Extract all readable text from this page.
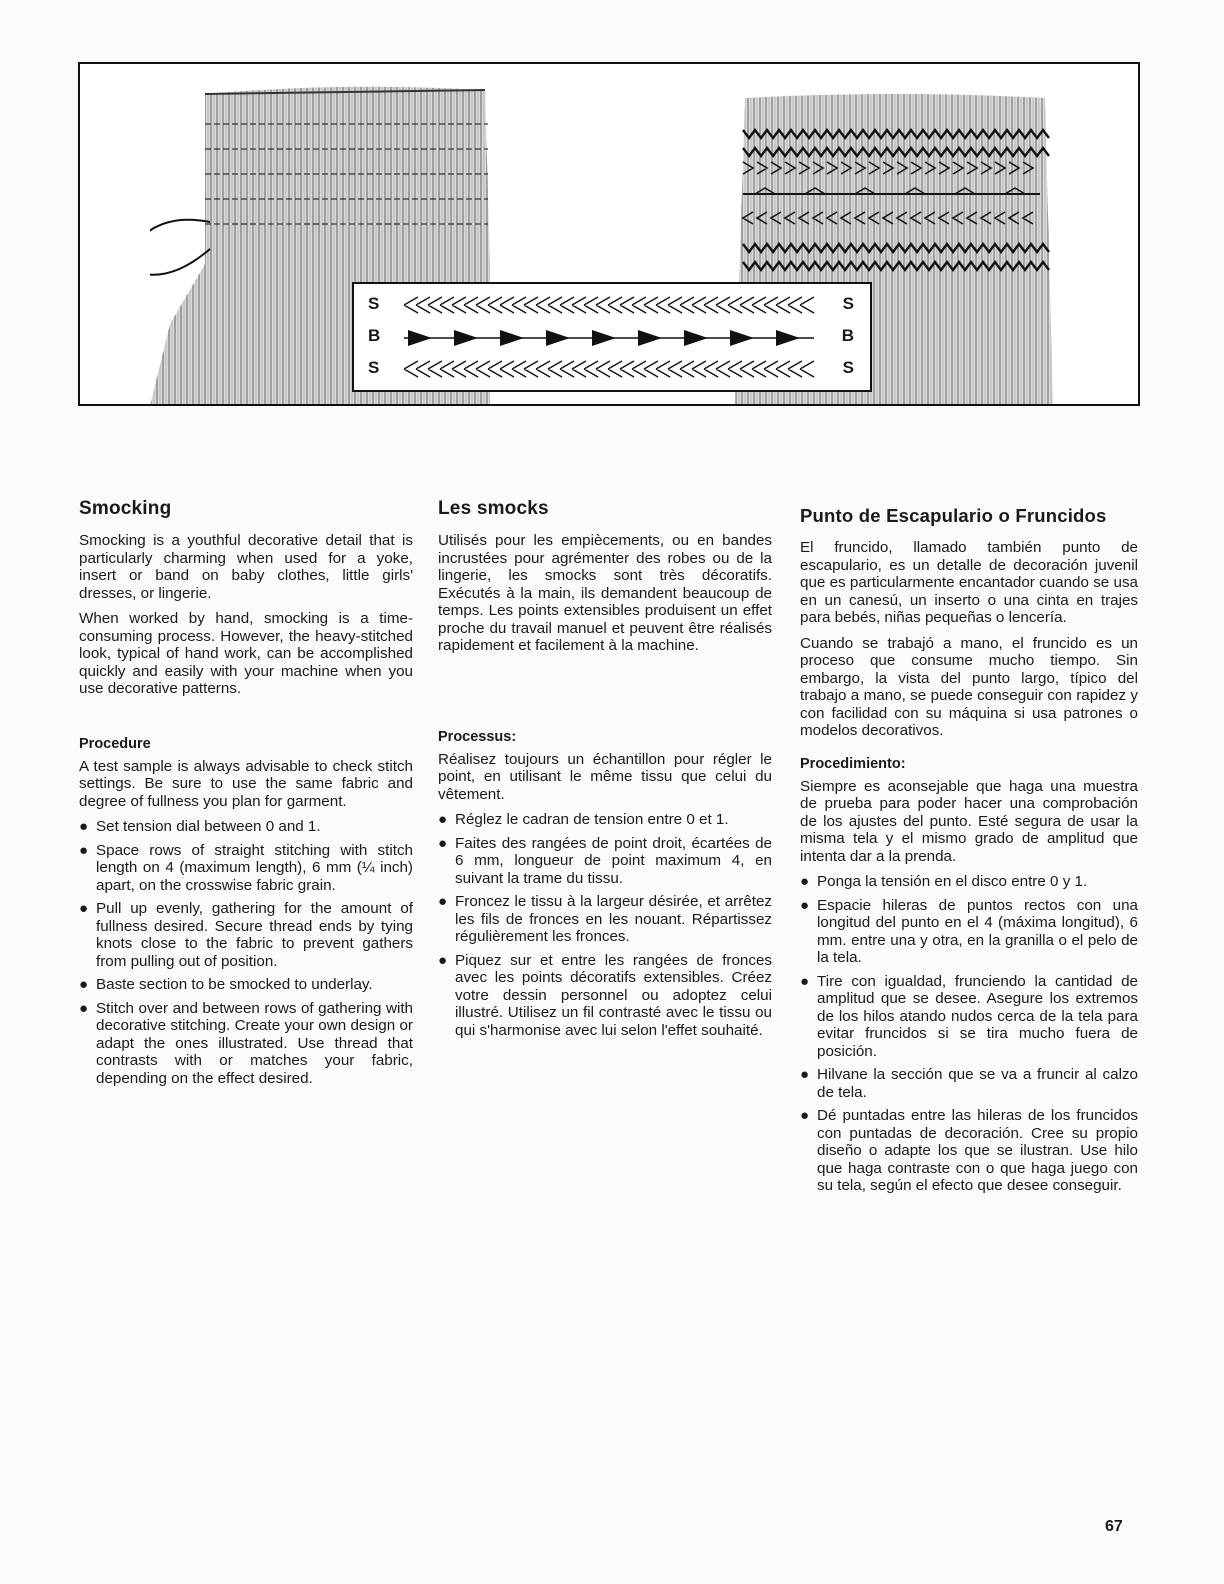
S	S
B	B
S	S
Smocking

Smocking is a youthful decorative detail that is particularly charming when used for a yoke, insert or band on baby clothes, little girls' dresses, or lingerie.

When worked by hand, smocking is a time-consuming process. However, the heavy-stitched look, typical of hand work, can be accomplished quickly and easily with your machine when you use decorative patterns.

Procedure

A test sample is always advisable to check stitch settings. Be sure to use the same fabric and degree of fullness you plan for garment.

● Set tension dial between 0 and 1.
● Space rows of straight stitching with stitch length on 4 (maximum length), 6 mm (¼ inch) apart, on the crosswise fabric grain.
● Pull up evenly, gathering for the amount of fullness desired. Secure thread ends by tying knots close to the fabric to prevent gathers from pulling out of position.
● Baste section to be smocked to underlay.
● Stitch over and between rows of gathering with decorative stitching. Create your own design or adapt the ones illustrated. Use thread that contrasts with or matches your fabric, depending on the effect desired.
Les smocks

Utilisés pour les empiècements, ou en bandes incrustées pour agrémenter des robes ou de la lingerie, les smocks sont très décoratifs. Exécutés à la main, ils demandent beaucoup de temps. Les points extensibles produisent un effet proche du travail manuel et peuvent être réalisés rapidement et facilement à la machine.

Processus:

Réalisez toujours un échantillon pour régler le point, en utilisant le même tissu que celui du vêtement.

● Réglez le cadran de tension entre 0 et 1.
● Faites des rangées de point droit, écartées de 6 mm, longueur de point maximum 4, en suivant la trame du tissu.
● Froncez le tissu à la largeur désirée, et arrêtez les fils de fronces en les nouant. Répartissez régulièrement les fronces.
● Piquez sur et entre les rangées de fronces avec les points décoratifs extensibles. Créez votre dessin personnel ou adoptez celui illustré. Utilisez un fil contrasté avec le tissu ou qui s'harmonise avec lui selon l'effet souhaité.
Punto de Escapulario o Fruncidos

El fruncido, llamado también punto de escapulario, es un detalle de decoración juvenil que es particularmente encantador cuando se usa en un canesú, un inserto o una cinta en trajes para bebés, niñas pequeñas o lencería.

Cuando se trabajó a mano, el fruncido es un proceso que consume mucho tiempo. Sin embargo, la vista del punto largo, típico del trabajo a mano, se puede conseguir con rapidez y con facilidad con su máquina si usa patrones o modelos decorativos.

Procedimiento:

Siempre es aconsejable que haga una muestra de prueba para poder hacer una comprobación de los ajustes del punto. Esté segura de usar la misma tela y el mismo grado de amplitud que intenta dar a la prenda.

● Ponga la tensión en el disco entre 0 y 1.
● Espacie hileras de puntos rectos con una longitud del punto en el 4 (máxima longitud), 6 mm. entre una y otra, en la granilla o el pelo de la tela.
● Tire con igualdad, frunciendo la cantidad de amplitud que se desee. Asegure los extremos de los hilos atando nudos cerca de la tela para evitar fruncidos si se tira mucho fuera de posición.
● Hilvane la sección que se va a fruncir al calzo de tela.
● Dé puntadas entre las hileras de los fruncidos con puntadas de decoración. Cree su propio diseño o adapte los que se ilustran. Use hilo que haga contraste con o que haga juego con su tela, según el efecto que desee conseguir.
67
